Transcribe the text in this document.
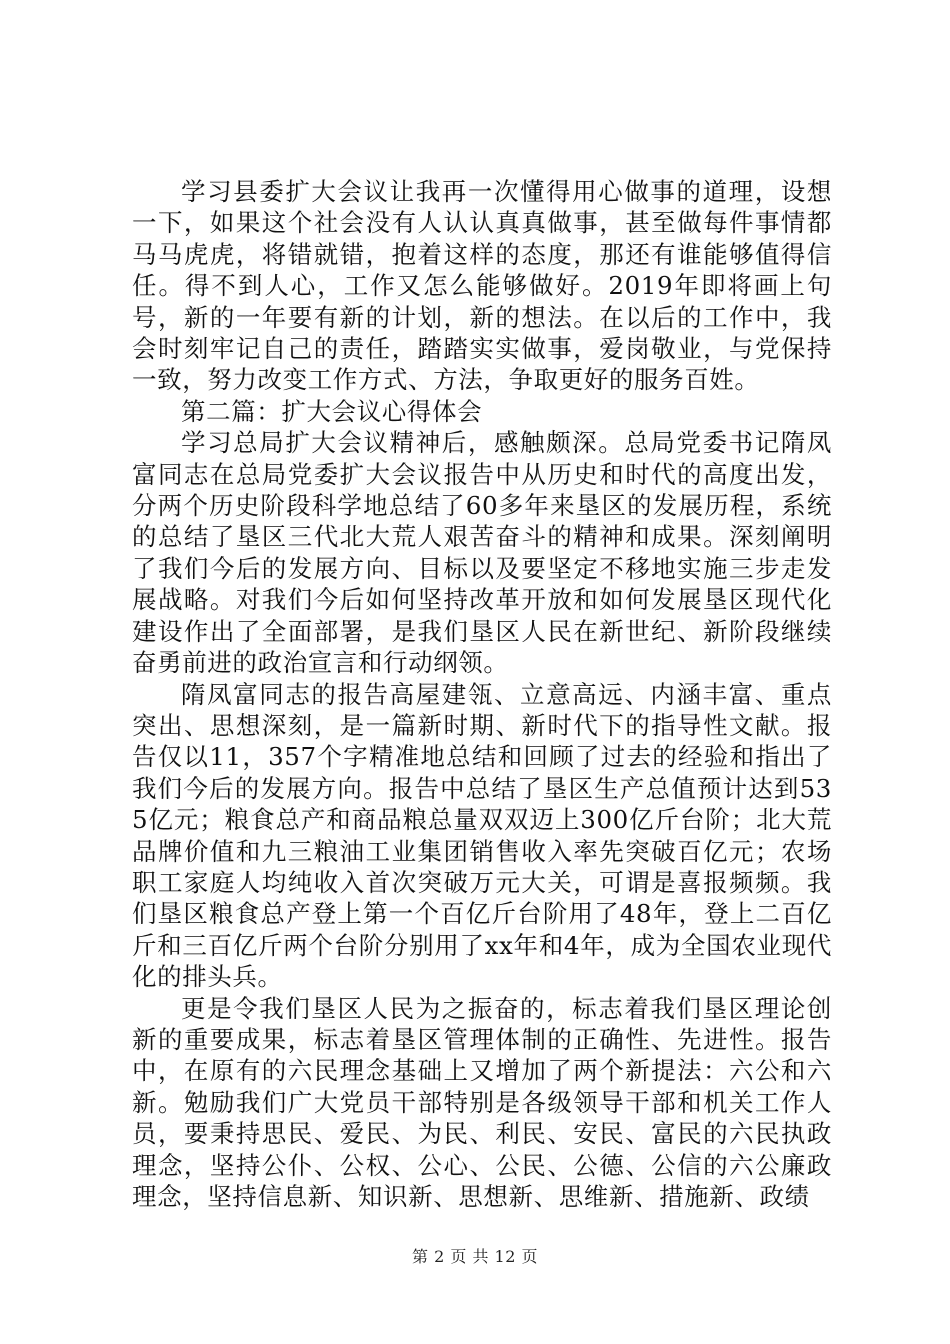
学习县委扩大会议让我再一次懂得用心做事的道理，设想一下，如果这个社会没有人认认真真做事，甚至做每件事情都马马虎虎，将错就错，抱着这样的态度，那还有谁能够值得信任。得不到人心，工作又怎么能够做好。2019年即将画上句号，新的一年要有新的计划，新的想法。在以后的工作中，我会时刻牢记自己的责任，踏踏实实做事，爱岗敬业，与党保持一致，努力改变工作方式、方法，争取更好的服务百姓。

第二篇：扩大会议心得体会

学习总局扩大会议精神后，感触颇深。总局党委书记隋凤富同志在总局党委扩大会议报告中从历史和时代的高度出发，分两个历史阶段科学地总结了60多年来垦区的发展历程，系统的总结了垦区三代北大荒人艰苦奋斗的精神和成果。深刻阐明了我们今后的发展方向、目标以及要坚定不移地实施三步走发展战略。对我们今后如何坚持改革开放和如何发展垦区现代化建设作出了全面部署，是我们垦区人民在新世纪、新阶段继续奋勇前进的政治宣言和行动纲领。

隋凤富同志的报告高屋建瓴、立意高远、内涵丰富、重点突出、思想深刻，是一篇新时期、新时代下的指导性文献。报告仅以11，357个字精准地总结和回顾了过去的经验和指出了我们今后的发展方向。报告中总结了垦区生产总值预计达到535亿元；粮食总产和商品粮总量双双迈上300亿斤台阶；北大荒品牌价值和九三粮油工业集团销售收入率先突破百亿元；农场职工家庭人均纯收入首次突破万元大关，可谓是喜报频频。我们垦区粮食总产登上第一个百亿斤台阶用了48年，登上二百亿斤和三百亿斤两个台阶分别用了xx年和4年，成为全国农业现代化的排头兵。

更是令我们垦区人民为之振奋的，标志着我们垦区理论创新的重要成果，标志着垦区管理体制的正确性、先进性。报告中，在原有的六民理念基础上又增加了两个新提法：六公和六新。勉励我们广大党员干部特别是各级领导干部和机关工作人员，要秉持思民、爱民、为民、利民、安民、富民的六民执政理念，坚持公仆、公权、公心、公民、公德、公信的六公廉政理念，坚持信息新、知识新、思想新、思维新、措施新、政绩

第 2 页 共 12 页
